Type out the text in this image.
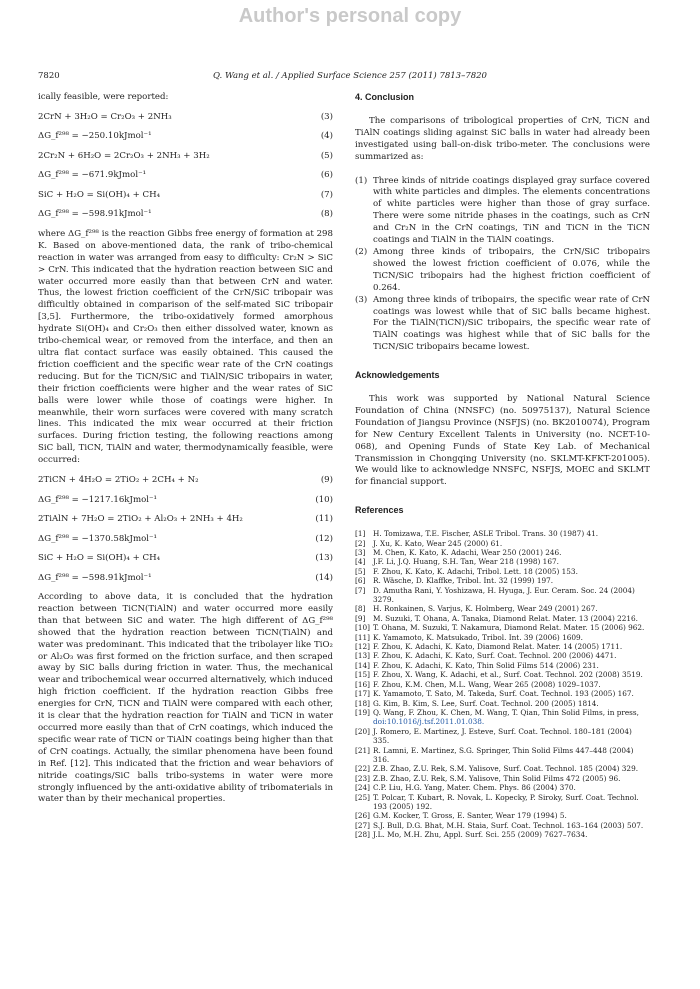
Author's personal copy
7820	Q. Wang et al. / Applied Surface Science 257 (2011) 7813–7820

ically feasible, were reported:

2CrN + 3H₂O = Cr₂O₃ + 2NH₃	(3)
ΔG_f²⁹⁸ = −250.10kJmol⁻¹	(4)
2Cr₂N + 6H₂O = 2Cr₂O₃ + 2NH₃ + 3H₂	(5)
ΔG_f²⁹⁸ = −671.9kJmol⁻¹	(6)
SiC + H₂O = Si(OH)₄ + CH₄	(7)
ΔG_f²⁹⁸ = −598.91kJmol⁻¹	(8)

where ΔG_f²⁹⁸ is the reaction Gibbs free energy of formation at 298 K. Based on above-mentioned data, the rank of tribo-chemical reaction in water was arranged from easy to difficulty: Cr₂N > SiC > CrN. This indicated that the hydration reaction between SiC and water occurred more easily than that between CrN and water. Thus, the lowest friction coefficient of the CrN/SiC tribopair was difficultly obtained in comparison of the self-mated SiC tribopair [3,5]. Furthermore, the tribo-oxidatively formed amorphous hydrate Si(OH)₄ and Cr₂O₃ then either dissolved water, known as tribo-chemical wear, or removed from the interface, and then an ultra flat contact surface was easily obtained. This caused the friction coefficient and the specific wear rate of the CrN coatings reducing. But for the TiCN/SiC and TiAlN/SiC tribopairs in water, their friction coefficients were higher and the wear rates of SiC balls were lower while those of coatings were higher. In meanwhile, their worn surfaces were covered with many scratch lines. This indicated the mix wear occurred at their friction surfaces. During friction testing, the following reactions among SiC ball, TiCN, TiAlN and water, thermodynamically feasible, were occurred:

2TiCN + 4H₂O = 2TiO₂ + 2CH₄ + N₂	(9)
ΔG_f²⁹⁸ = −1217.16kJmol⁻¹	(10)
2TiAlN + 7H₂O = 2TiO₂ + Al₂O₃ + 2NH₃ + 4H₂	(11)
ΔG_f²⁹⁸ = −1370.58kJmol⁻¹	(12)
SiC + H₂O = Si(OH)₄ + CH₄	(13)
ΔG_f²⁹⁸ = −598.91kJmol⁻¹	(14)

According to above data, it is concluded that the hydration reaction between TiCN(TiAlN) and water occurred more easily than that between SiC and water. The high different of ΔG_f²⁹⁸ showed that the hydration reaction between TiCN(TiAlN) and water was predominant. This indicated that the tribolayer like TiO₂ or Al₂O₃ was first formed on the friction surface, and then scraped away by SiC balls during friction in water. Thus, the mechanical wear and tribochemical wear occurred alternatively, which induced high friction coefficient. If the hydration reaction Gibbs free energies for CrN, TiCN and TiAlN were compared with each other, it is clear that the hydration reaction for TiAlN and TiCN in water occurred more easily than that of CrN coatings, which induced the specific wear rate of TiCN or TiAlN coatings being higher than that of CrN coatings. Actually, the similar phenomena have been found in Ref. [12]. This indicated that the friction and wear behaviors of nitride coatings/SiC balls tribo-systems in water were more strongly influenced by the anti-oxidative ability of tribomaterials in water than by their mechanical properties.

4. Conclusion

The comparisons of tribological properties of CrN, TiCN and TiAlN coatings sliding against SiC balls in water had already been investigated using ball-on-disk tribo-meter. The conclusions were summarized as:

(1) Three kinds of nitride coatings displayed gray surface covered with white particles and dimples. The elements concentrations of white particles were higher than those of gray surface. There were some nitride phases in the coatings, such as CrN and Cr₂N in the CrN coatings, TiN and TiCN in the TiCN coatings and TiAlN in the TiAlN coatings.
(2) Among three kinds of tribopairs, the CrN/SiC tribopairs showed the lowest friction coefficient of 0.076, while the TiCN/SiC tribopairs had the highest friction coefficient of 0.264.
(3) Among three kinds of tribopairs, the specific wear rate of CrN coatings was lowest while that of SiC balls became highest. For the TiAlN(TiCN)/SiC tribopairs, the specific wear rate of TiAlN coatings was highest while that of SiC balls for the TiCN/SiC tribopairs became lowest.
Acknowledgements

This work was supported by National Natural Science Foundation of China (NNSFC) (no. 50975137), Natural Science Foundation of Jiangsu Province (NSFJS) (no. BK2010074), Program for New Century Excellent Talents in University (no. NCET-10-068), and Opening Funds of State Key Lab. of Mechanical Transmission in Chongqing University (no. SKLMT-KFKT-201005). We would like to acknowledge NNSFC, NSFJS, MOEC and SKLMT for financial support.

References
[1] H. Tomizawa, T.E. Fischer, ASLE Tribol. Trans. 30 (1987) 41.
[2] J. Xu, K. Kato, Wear 245 (2000) 61.
[3] M. Chen, K. Kato, K. Adachi, Wear 250 (2001) 246.
[4] J.F. Li, J.Q. Huang, S.H. Tan, Wear 218 (1998) 167.
[5] F. Zhou, K. Kato, K. Adachi, Tribol. Lett. 18 (2005) 153.
[6] R. Wäsche, D. Klaffke, Tribol. Int. 32 (1999) 197.
[7] D. Amutha Rani, Y. Yoshizawa, H. Hyuga, J. Eur. Ceram. Soc. 24 (2004) 3279.
[8] H. Ronkainen, S. Varjus, K. Holmberg, Wear 249 (2001) 267.
[9] M. Suzuki, T. Ohana, A. Tanaka, Diamond Relat. Mater. 13 (2004) 2216.
[10] T. Ohana, M. Suzuki, T. Nakamura, Diamond Relat. Mater. 15 (2006) 962.
[11] K. Yamamoto, K. Matsukado, Tribol. Int. 39 (2006) 1609.
[12] F. Zhou, K. Adachi, K. Kato, Diamond Relat. Mater. 14 (2005) 1711.
[13] F. Zhou, K. Adachi, K. Kato, Surf. Coat. Technol. 200 (2006) 4471.
[14] F. Zhou, K. Adachi, K. Kato, Thin Solid Films 514 (2006) 231.
[15] F. Zhou, X. Wang, K. Adachi, et al., Surf. Coat. Technol. 202 (2008) 3519.
[16] F. Zhou, K.M. Chen, M.L. Wang, Wear 265 (2008) 1029–1037.
[17] K. Yamamoto, T. Sato, M. Takeda, Surf. Coat. Technol. 193 (2005) 167.
[18] G. Kim, B. Kim, S. Lee, Surf. Coat. Technol. 200 (2005) 1814.
[19] Q. Wang, F. Zhou, K. Chen, M. Wang, T. Qian, Thin Solid Films, in press, doi:10.1016/j.tsf.2011.01.038.
[20] J. Romero, E. Martinez, J. Esteve, Surf. Coat. Technol. 180–181 (2004) 335.
[21] R. Lamni, E. Martinez, S.G. Springer, Thin Solid Films 447–448 (2004) 316.
[22] Z.B. Zhao, Z.U. Rek, S.M. Yalisove, Surf. Coat. Technol. 185 (2004) 329.
[23] Z.B. Zhao, Z.U. Rek, S.M. Yalisove, Thin Solid Films 472 (2005) 96.
[24] C.P. Liu, H.G. Yang, Mater. Chem. Phys. 86 (2004) 370.
[25] T. Polcar, T. Kubart, R. Novak, L. Kopecky, P. Siroky, Surf. Coat. Technol. 193 (2005) 192.
[26] G.M. Kocker, T. Gross, E. Santer, Wear 179 (1994) 5.
[27] S.J. Bull, D.G. Bhat, M.H. Staia, Surf. Coat. Technol. 163–164 (2003) 507.
[28] J.L. Mo, M.H. Zhu, Appl. Surf. Sci. 255 (2009) 7627–7634.
